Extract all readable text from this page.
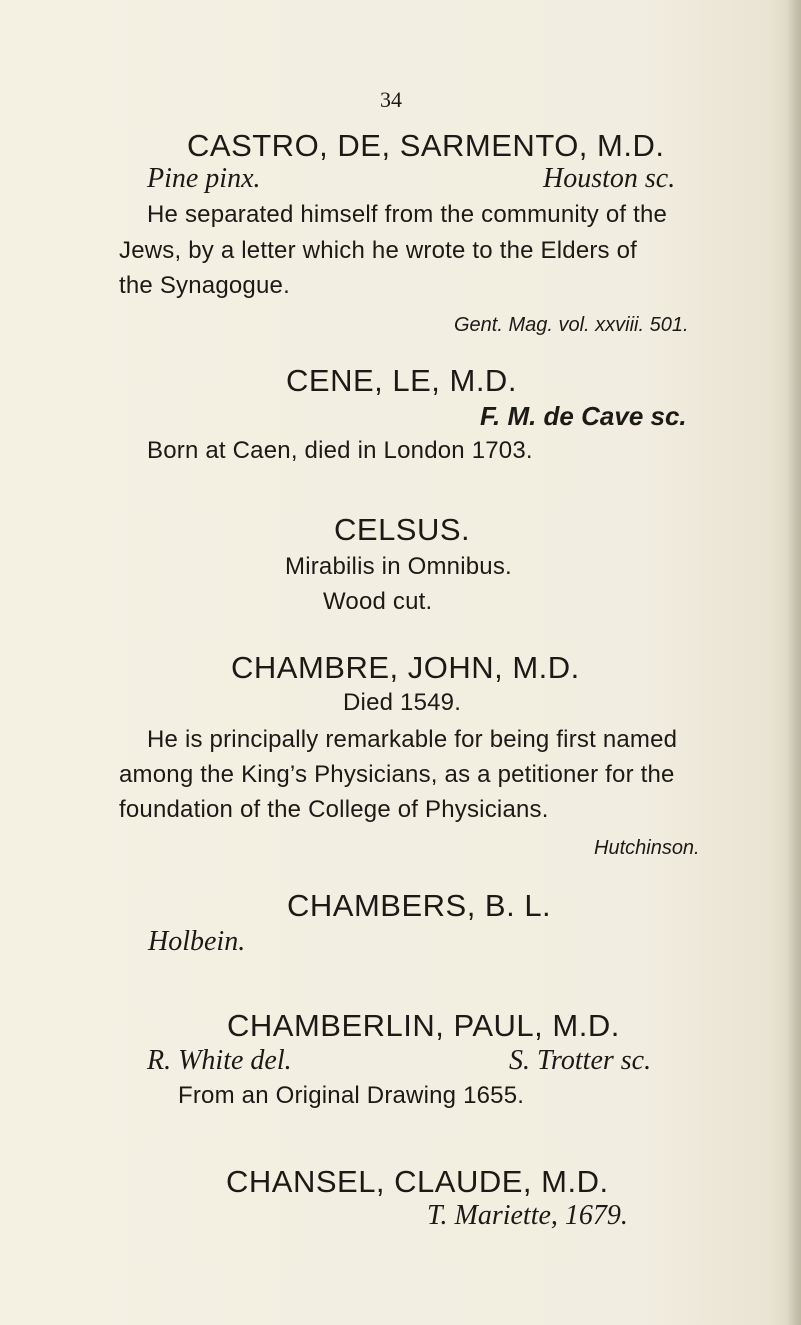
34
CASTRO, DE, SARMENTO, M.D.
Pine pinx.	Houston sc.
He separated himself from the community of the
Jews, by a letter which he wrote to the Elders of
the Synagogue.
Gent. Mag. vol. xxviii. 501.
CENE, LE, M.D.
F. M. de Cave sc.
Born at Caen, died in London 1703.
CELSUS.
Mirabilis in Omnibus.
Wood cut.
CHAMBRE, JOHN, M.D.
Died 1549.
He is principally remarkable for being first named
among the King’s Physicians, as a petitioner for the
foundation of the College of Physicians.
Hutchinson.
CHAMBERS, B. L.
Holbein.
CHAMBERLIN, PAUL, M.D.
R. White del.	S. Trotter sc.
From an Original Drawing 1655.
CHANSEL, CLAUDE, M.D.
T. Mariette, 1679.
